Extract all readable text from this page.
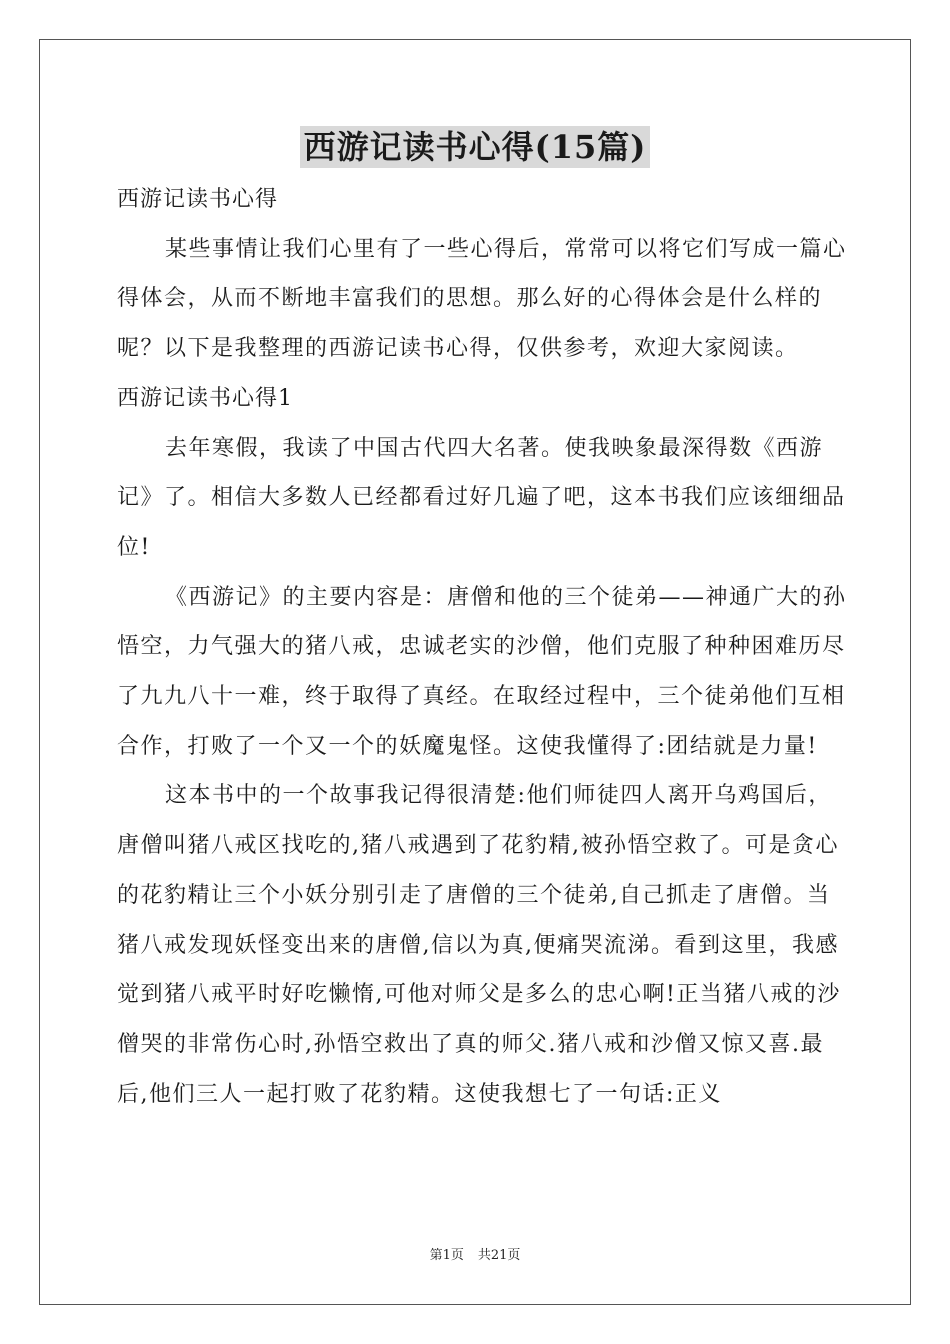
西游记读书心得(15篇)

西游记读书心得

某些事情让我们心里有了一些心得后，常常可以将它们写成一篇心得体会，从而不断地丰富我们的思想。那么好的心得体会是什么样的呢？以下是我整理的西游记读书心得，仅供参考，欢迎大家阅读。

西游记读书心得1

去年寒假，我读了中国古代四大名著。使我映象最深得数《西游记》了。相信大多数人已经都看过好几遍了吧，这本书我们应该细细品位!

《西游记》的主要内容是：唐僧和他的三个徒弟——神通广大的孙悟空，力气强大的猪八戒，忠诚老实的沙僧，他们克服了种种困难历尽了九九八十一难，终于取得了真经。在取经过程中，三个徒弟他们互相合作，打败了一个又一个的妖魔鬼怪。这使我懂得了:团结就是力量!

这本书中的一个故事我记得很清楚:他们师徒四人离开乌鸡国后，唐僧叫猪八戒区找吃的,猪八戒遇到了花豹精,被孙悟空救了。可是贪心的花豹精让三个小妖分别引走了唐僧的三个徒弟,自己抓走了唐僧。当猪八戒发现妖怪变出来的唐僧,信以为真,便痛哭流涕。看到这里，我感觉到猪八戒平时好吃懒惰,可他对师父是多么的忠心啊!正当猪八戒的沙僧哭的非常伤心时,孙悟空救出了真的师父.猪八戒和沙僧又惊又喜.最后,他们三人一起打败了花豹精。这使我想七了一句话:正义

第1页 共21页
